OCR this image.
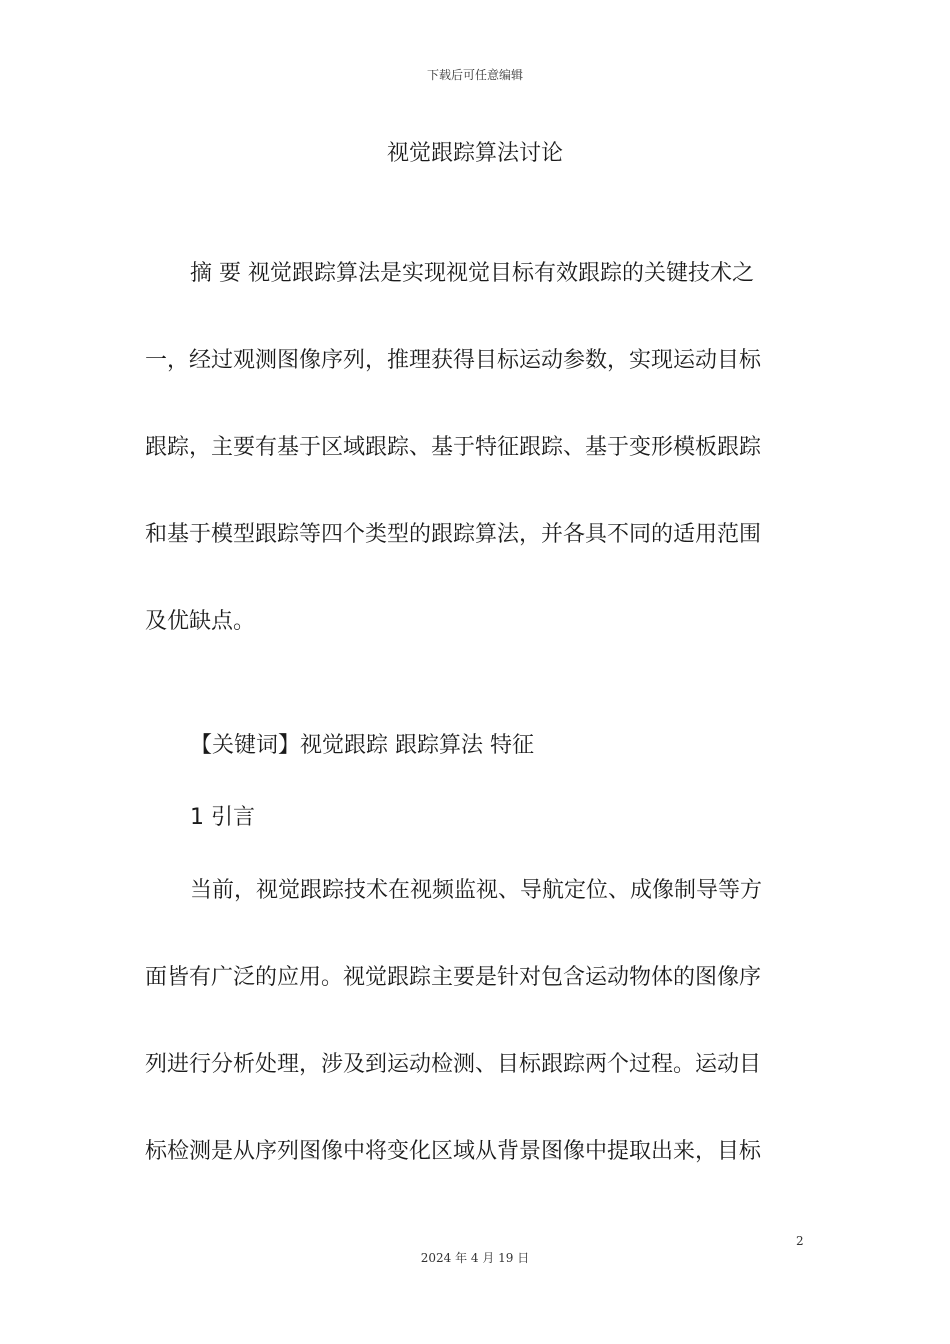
下载后可任意编辑
视觉跟踪算法讨论
摘 要 视觉跟踪算法是实现视觉目标有效跟踪的关键技术之
一，经过观测图像序列，推理获得目标运动参数，实现运动目标
跟踪，主要有基于区域跟踪、基于特征跟踪、基于变形模板跟踪
和基于模型跟踪等四个类型的跟踪算法，并各具不同的适用范围
及优缺点。
【关键词】视觉跟踪 跟踪算法 特征
1 引言
当前，视觉跟踪技术在视频监视、导航定位、成像制导等方
面皆有广泛的应用。视觉跟踪主要是针对包含运动物体的图像序
列进行分析处理，涉及到运动检测、目标跟踪两个过程。运动目
标检测是从序列图像中将变化区域从背景图像中提取出来，目标
2
2024 年 4 月 19 日
